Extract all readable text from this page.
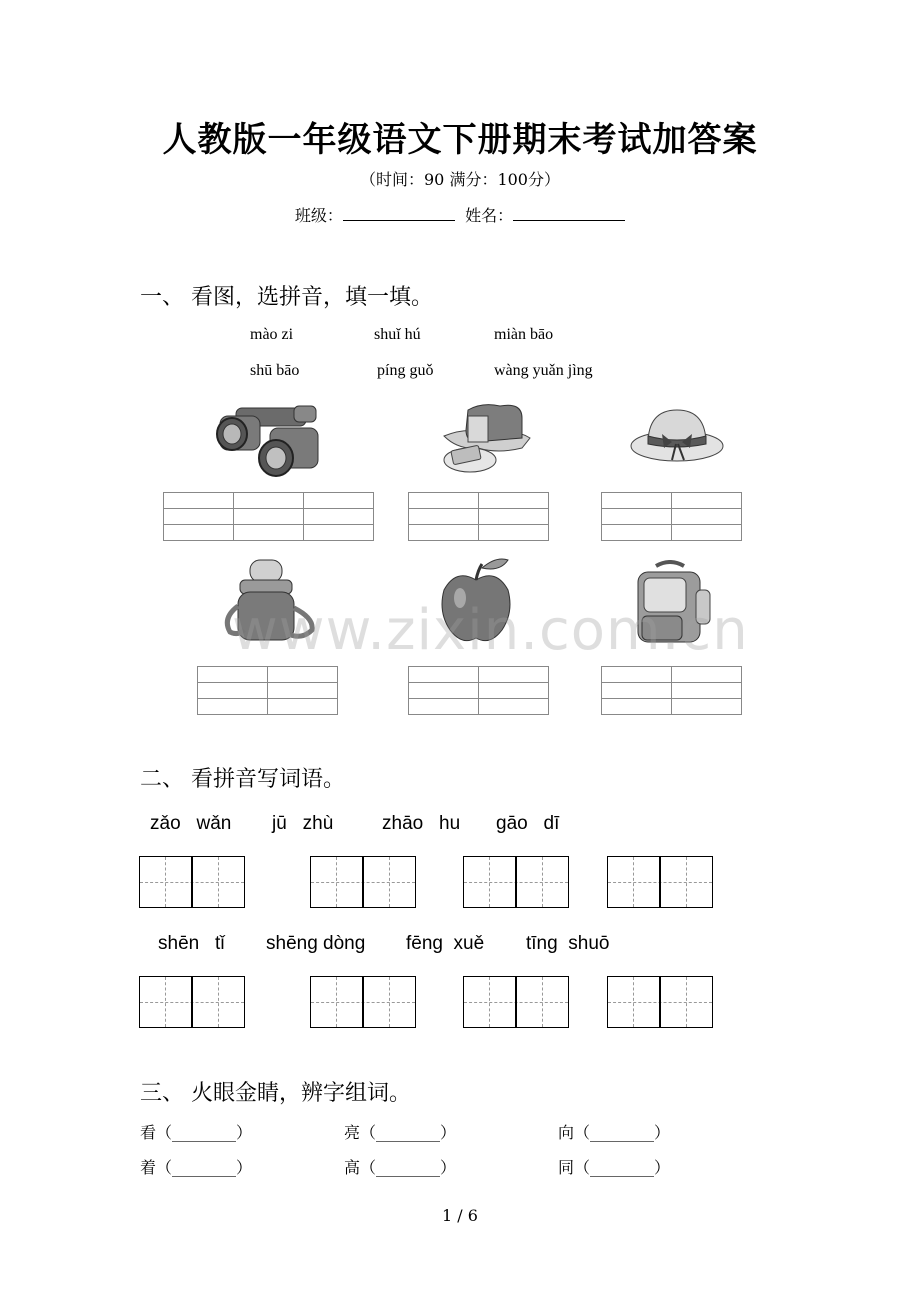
人教版一年级语文下册期末考试加答案
（时间：90 满分：100分）
班级：	姓名：
一、 看图，选拼音，填一填。
mào zi	shuǐ hú	miàn bāo
shū bāo	píng guǒ	wàng yuǎn jìng

www.zixin.com.cn
二、 看拼音写词语。
zǎo   wǎn jū   zhù	zhāo   hu gāo   dī
shēn   tǐ shēng dòng fēng  xuě tīng  shuō
三、 火眼金睛，辨字组词。
看（________）	亮（________）	向（________）
着（________）	高（________）	同（________）
1 / 6
